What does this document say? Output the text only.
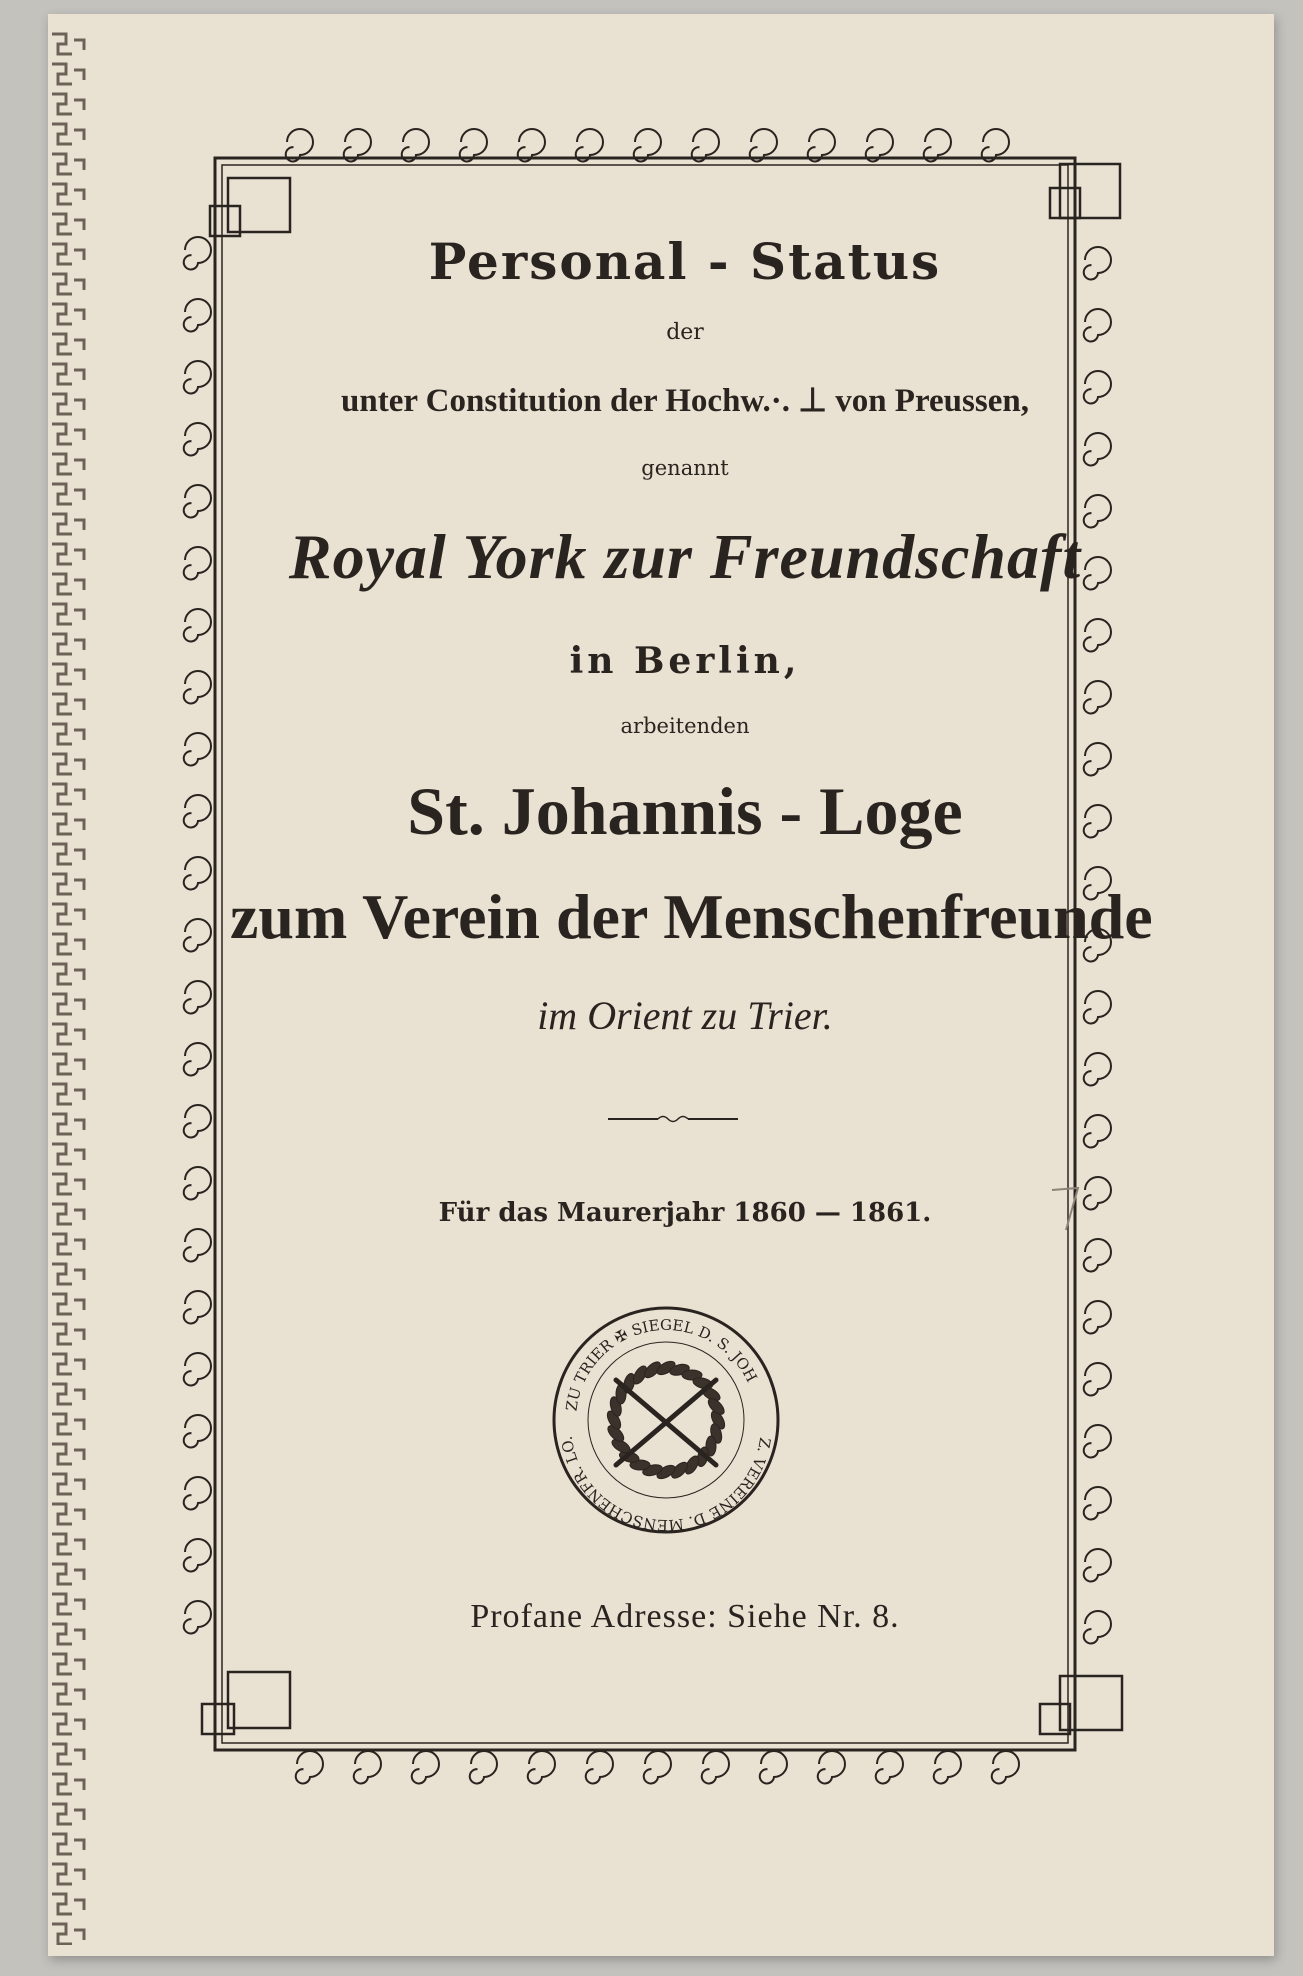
Personal - Status
der
unter Constitution der Hochw.·. ⊥ von Preussen,
genannt
Royal York zur Freundschaft
in Berlin,
arbeitenden
St. Johannis - Loge
zum Verein der Menschenfreunde
im Orient zu Trier.
Für das Maurerjahr 1860 — 1861.
ZU TRIER ✠ SIEGEL D. S. JOH
Z. VEREINE D. MENSCHENFR. LO.
Profane Adresse: Siehe Nr. 8.
